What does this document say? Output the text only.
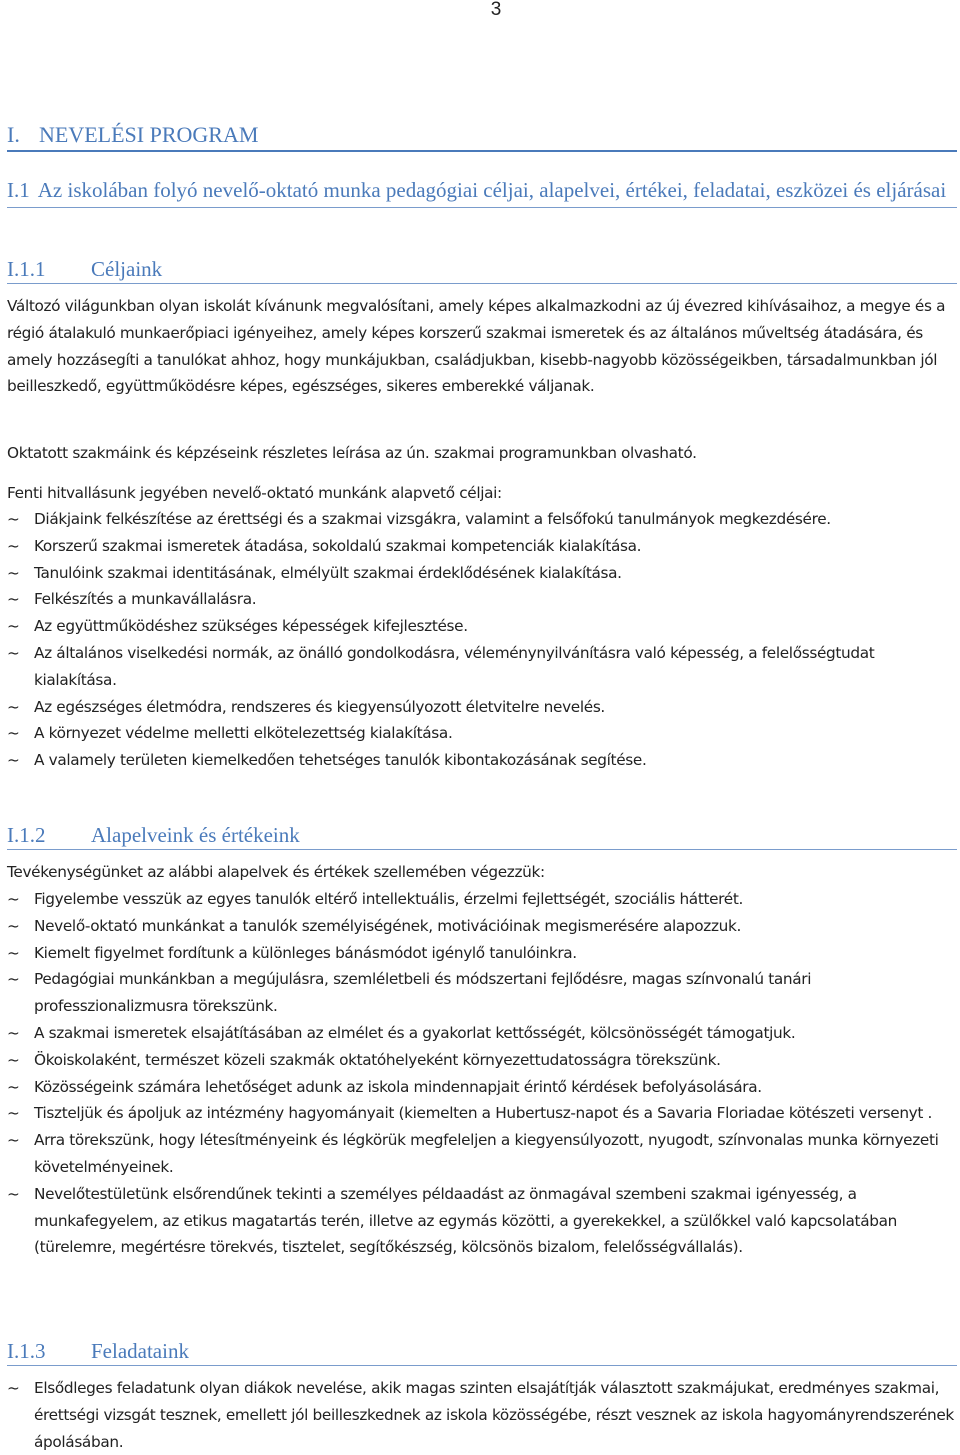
3
I. NEVELÉSI PROGRAM
I.1 Az iskolában folyó nevelő-oktató munka pedagógiai céljai, alapelvei, értékei, feladatai, eszközei és eljárásai
I.1.1 Céljaink

Változó világunkban olyan iskolát kívánunk megvalósítani, amely képes alkalmazkodni az új évezred kihívásaihoz, a megye és a régió átalakuló munkaerőpiaci igényeihez, amely képes korszerű szakmai ismeretek és az általános műveltség átadására, és amely hozzásegíti a tanulókat ahhoz, hogy munkájukban, családjukban, kisebb-nagyobb közösségeikben, társadalmunkban jól beilleszkedő, együttműködésre képes, egészséges, sikeres emberekké váljanak.

Oktatott szakmáink és képzéseink részletes leírása az ún. szakmai programunkban olvasható.

Fenti hitvallásunk jegyében nevelő-oktató munkánk alapvető céljai:

~ Diákjaink felkészítése az érettségi és a szakmai vizsgákra, valamint a felsőfokú tanulmányok megkezdésére.
~ Korszerű szakmai ismeretek átadása, sokoldalú szakmai kompetenciák kialakítása.
~ Tanulóink szakmai identitásának, elmélyült szakmai érdeklődésének kialakítása.
~ Felkészítés a munkavállalásra.
~ Az együttműködéshez szükséges képességek kifejlesztése.
~ Az általános viselkedési normák, az önálló gondolkodásra, véleménynyilvánításra való képesség, a felelősségtudat kialakítása.
~ Az egészséges életmódra, rendszeres és kiegyensúlyozott életvitelre nevelés.
~ A környezet védelme melletti elkötelezettség kialakítása.
~ A valamely területen kiemelkedően tehetséges tanulók kibontakozásának segítése.
I.1.2 Alapelveink és értékeink

Tevékenységünket az alábbi alapelvek és értékek szellemében végezzük:

~ Figyelembe vesszük az egyes tanulók eltérő intellektuális, érzelmi fejlettségét, szociális hátterét.
~ Nevelő-oktató munkánkat a tanulók személyiségének, motivációinak megismerésére alapozzuk.
~ Kiemelt figyelmet fordítunk a különleges bánásmódot igénylő tanulóinkra.
~ Pedagógiai munkánkban a megújulásra, szemléletbeli és módszertani fejlődésre, magas színvonalú tanári professzionalizmusra törekszünk.
~ A szakmai ismeretek elsajátításában az elmélet és a gyakorlat kettősségét, kölcsönösségét támogatjuk.
~ Ökoiskolaként, természet közeli szakmák oktatóhelyeként környezettudatosságra törekszünk.
~ Közösségeink számára lehetőséget adunk az iskola mindennapjait érintő kérdések befolyásolására.
~ Tiszteljük és ápoljuk az intézmény hagyományait (kiemelten a Hubertusz-napot és a Savaria Floriadae kötészeti versenyt .
~ Arra törekszünk, hogy létesítményeink és légkörük megfeleljen a kiegyensúlyozott, nyugodt, színvonalas munka környezeti követelményeinek.
~ Nevelőtestületünk elsőrendűnek tekinti a személyes példaadást az önmagával szembeni szakmai igényesség, a munkafegyelem, az etikus magatartás terén, illetve az egymás közötti, a gyerekekkel, a szülőkkel való kapcsolatában (türelemre, megértésre törekvés, tisztelet, segítőkészség, kölcsönös bizalom, felelősségvállalás).
I.1.3 Feladataink
~ Elsődleges feladatunk olyan diákok nevelése, akik magas szinten elsajátítják választott szakmájukat, eredményes szakmai, érettségi vizsgát tesznek, emellett jól beilleszkednek az iskola közösségébe, részt vesznek az iskola hagyományrendszerének ápolásában.
